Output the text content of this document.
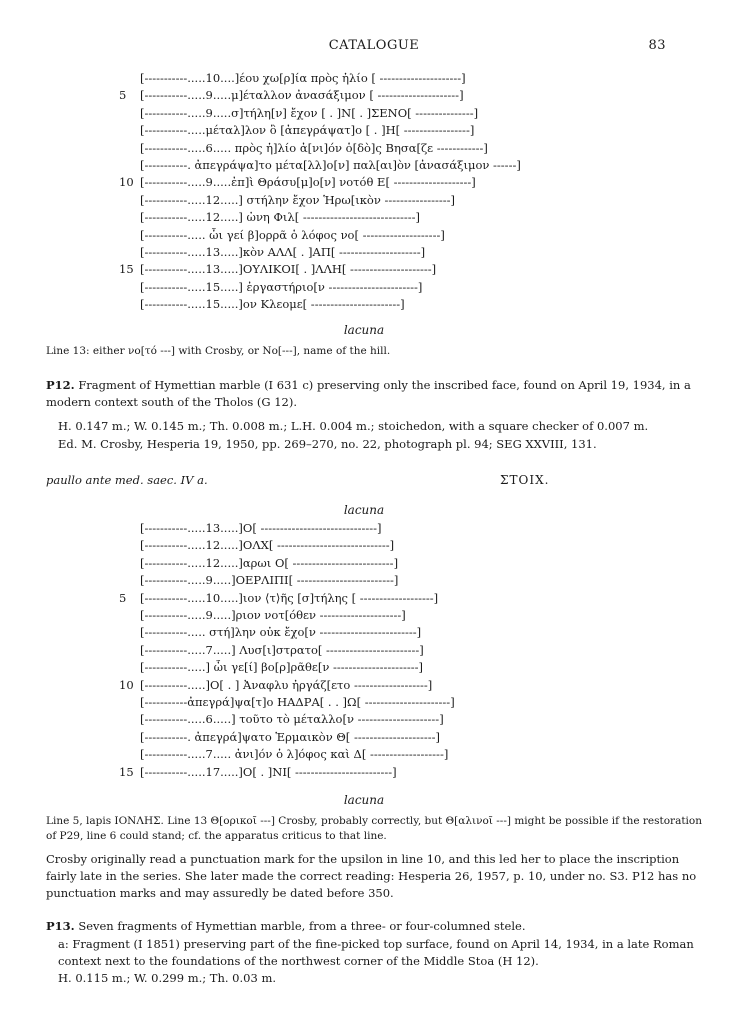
CATALOGUE	83
[-----------.....10....]έου χω[ρ]ία πρὸς ἡλίο [ ---------------------]
5	[-----------.....9.....μ]έταλλον ἀνασάξιμον [ ---------------------]
[-----------.....9.....σ]τήλη[ν] ἔχον [ . ]Ν[ . ]ΣΕΝΟ[ ---------------]
[-----------.....μέταλ]λον ὃ [ἀπεγράψατ]ο [ . ]Η[ -----------------]
[-----------.....6..... πρὸς ἡ]λίο ἀ[νι]όν ὁ[δὸ]ς Βησα[ζε ------------]
[-----------. ἀπεγράψα]το μέτα[λλ]ο[ν] παλ[αι]ὸν [ἀνασάξιμον ------]
10 [-----------.....9.....ἐπ]ὶ Θράσυ[μ]ο[ν] νοτόθ Ε[ --------------------]
[-----------.....12.....] στήλην ἔχον Ἡρω[ικὸν -----------------]
[-----------.....12.....] ὠνη Φιλ[ -----------------------------]
[-----------..... ὦι γεί β]ορρᾶ ὁ λόφος νο[ --------------------]
[-----------.....13.....]κὸν ΑΛΛ[ . ]ΑΠ[ ---------------------]
15 [-----------.....13.....]ΟΥΛΙΚΟΙ[ . ]ΛΛΗ[ ---------------------]
[-----------.....15.....] ἐργαστήριο[ν -----------------------]
[-----------.....15.....]ον Κλεομε[ -----------------------]
lacuna
Line 13: either νο[τό ---] with Crosby, or Νο[---], name of the hill.
P12. Fragment of Hymettian marble (I 631 c) preserving only the inscribed face, found on April 19, 1934, in a modern context south of the Tholos (G 12).
H. 0.147 m.; W. 0.145 m.; Th. 0.008 m.; L.H. 0.004 m.; stoichedon, with a square checker of 0.007 m.
Ed. M. Crosby, Hesperia 19, 1950, pp. 269–270, no. 22, photograph pl. 94; SEG XXVIII, 131.
paullo ante med. saec. IV a.	ΣΤΟΙΧ.
lacuna
[-----------.....13.....]Ο[ ------------------------------]
[-----------.....12.....]ΟΛΧ[ -----------------------------]
[-----------.....12.....]αρωι Ο[ --------------------------]
[-----------.....9.....]ΟΕΡΛΙΠΙ[ -------------------------]
5	[-----------.....10.....]ιον ⟨τ⟩ῆς [σ]τήλης [ -------------------]
[-----------.....9.....]ριον νοτ[όθεν ---------------------]
[-----------..... στή]λην οὐκ ἔχο[ν -------------------------]
[-----------.....7.....] Λυσ[ι]στρατο[ ------------------------]
[-----------.....] ὦι γε[ί] βο[ρ]ρᾶθε[ν ----------------------]
10 [-----------.....]Ο[ . ] Ἀναφλυ ἠργάζ[ετο -------------------]
[-----------ἀπεγρά]ψα[τ]ο ΗΑΔΡΑ[ . . ]Ω[ ----------------------]
[-----------.....6.....] τοῦτο τὸ μέταλλο[ν ---------------------]
[-----------. ἀπεγρά]ψατο Ἑρμαικὸν Θ[ ---------------------]
[-----------.....7..... ἀνι]όν ὁ λ]όφος καὶ Δ[ -------------------]
15 [-----------.....17.....]Ο[ . ]ΝΙ[ -------------------------]
lacuna
Line 5, lapis ΙΟΝΛΗΣ. Line 13 Θ[ορικοῖ ---] Crosby, probably correctly, but Θ[αλινοῖ ---] might be possible if the restoration of P29, line 6 could stand; cf. the apparatus criticus to that line.
Crosby originally read a punctuation mark for the upsilon in line 10, and this led her to place the inscription fairly late in the series. She later made the correct reading: Hesperia 26, 1957, p. 10, under no. S3. P12 has no punctuation marks and may assuredly be dated before 350.
P13. Seven fragments of Hymettian marble, from a three- or four-columned stele.
a: Fragment (I 1851) preserving part of the fine-picked top surface, found on April 14, 1934, in a late Roman context next to the foundations of the northwest corner of the Middle Stoa (H 12).
H. 0.115 m.; W. 0.299 m.; Th. 0.03 m.
